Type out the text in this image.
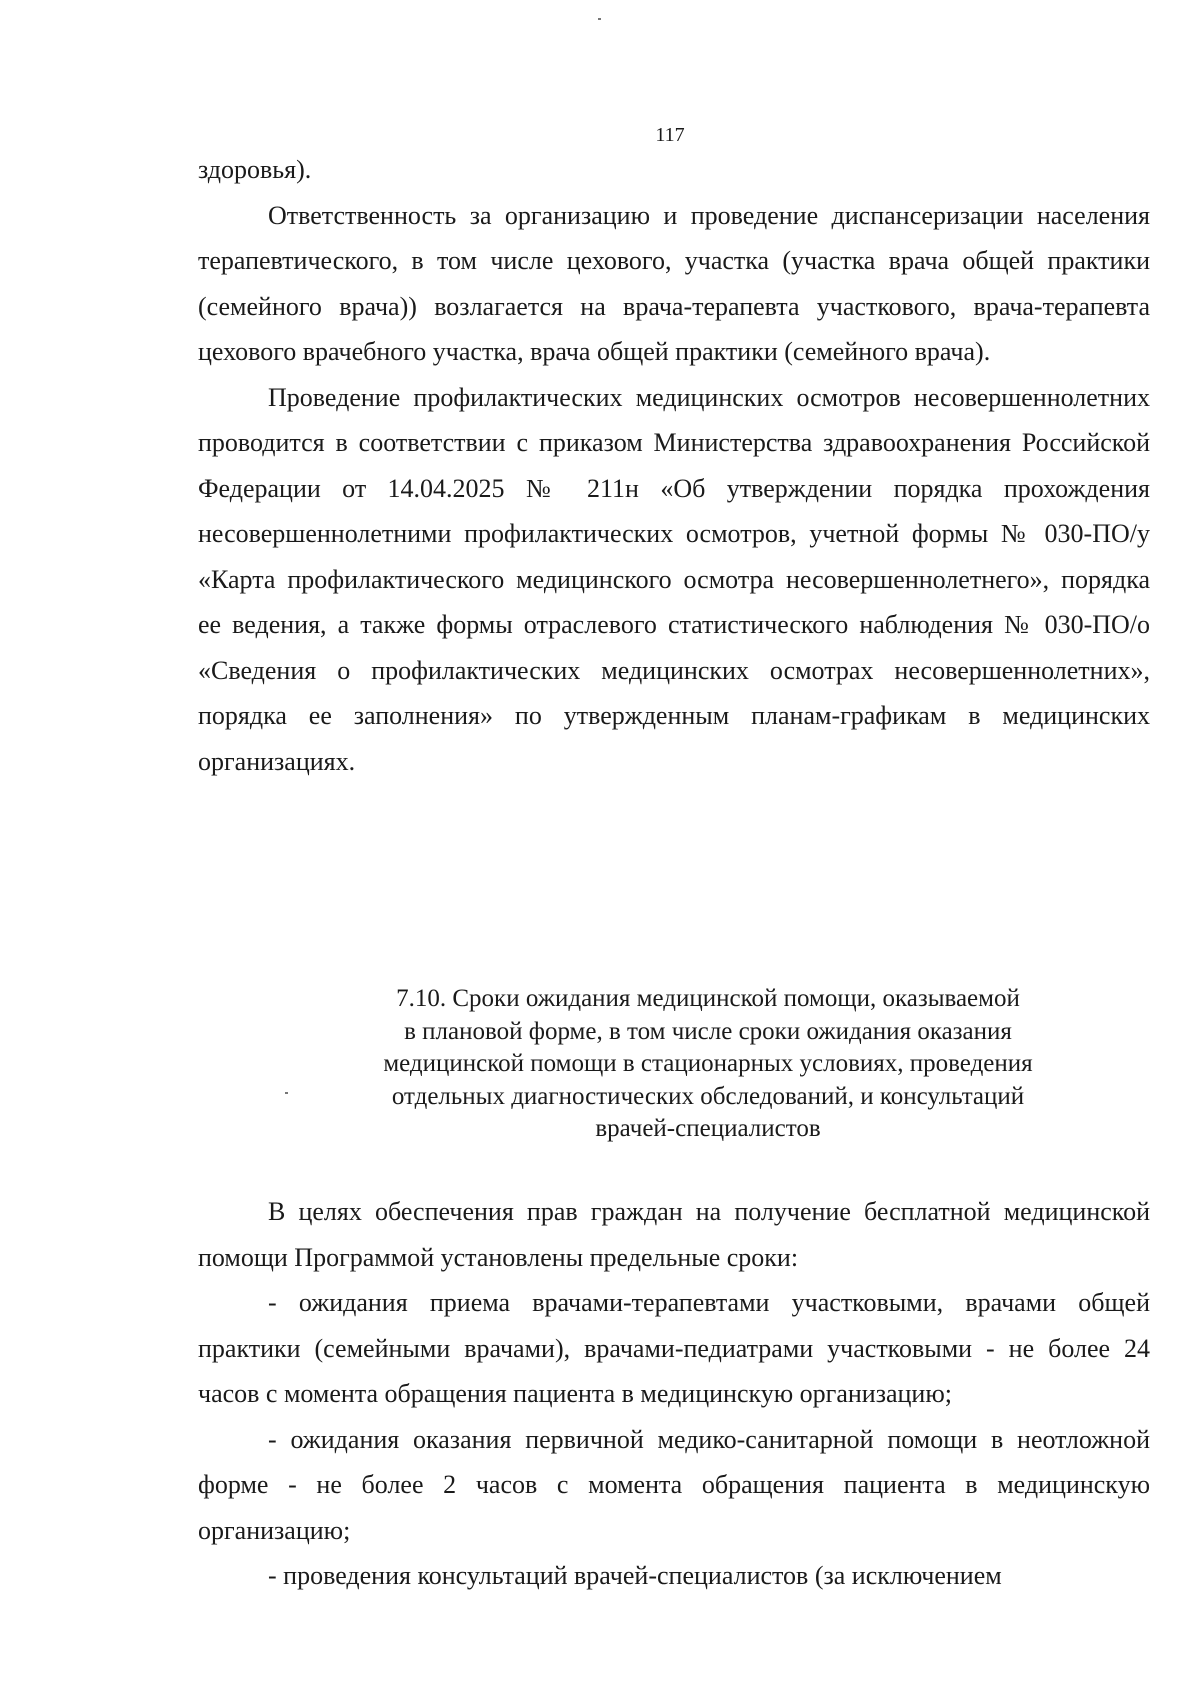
117

здоровья).

Ответственность за организацию и проведение диспансеризации населения терапевтического, в том числе цехового, участка (участка врача общей практики (семейного врача)) возлагается на врача-терапевта участкового, врача-терапевта цехового врачебного участка, врача общей практики (семейного врача).

Проведение профилактических медицинских осмотров несовершеннолетних проводится в соответствии с приказом Министерства здравоохранения Российской Федерации от 14.04.2025 № 211н «Об утверждении порядка прохождения несовершеннолетними профилактических осмотров, учетной формы № 030-ПО/у «Карта профилактического медицинского осмотра несовершеннолетнего», порядка ее ведения, а также формы отраслевого статистического наблюдения № 030-ПО/о «Сведения о профилактических медицинских осмотрах несовершеннолетних», порядка ее заполнения» по утвержденным планам-графикам в медицинских организациях.

7.10. Сроки ожидания медицинской помощи, оказываемой

в плановой форме, в том числе сроки ожидания оказания

медицинской помощи в стационарных условиях, проведения

отдельных диагностических обследований, и консультаций

врачей-специалистов

В целях обеспечения прав граждан на получение бесплатной медицинской помощи Программой установлены предельные сроки:

- ожидания приема врачами-терапевтами участковыми, врачами общей практики (семейными врачами), врачами-педиатрами участковыми - не более 24 часов с момента обращения пациента в медицинскую организацию;

- ожидания оказания первичной медико-санитарной помощи в неотложной форме - не более 2 часов с момента обращения пациента в медицинскую организацию;

- проведения консультаций врачей-специалистов (за исключением
